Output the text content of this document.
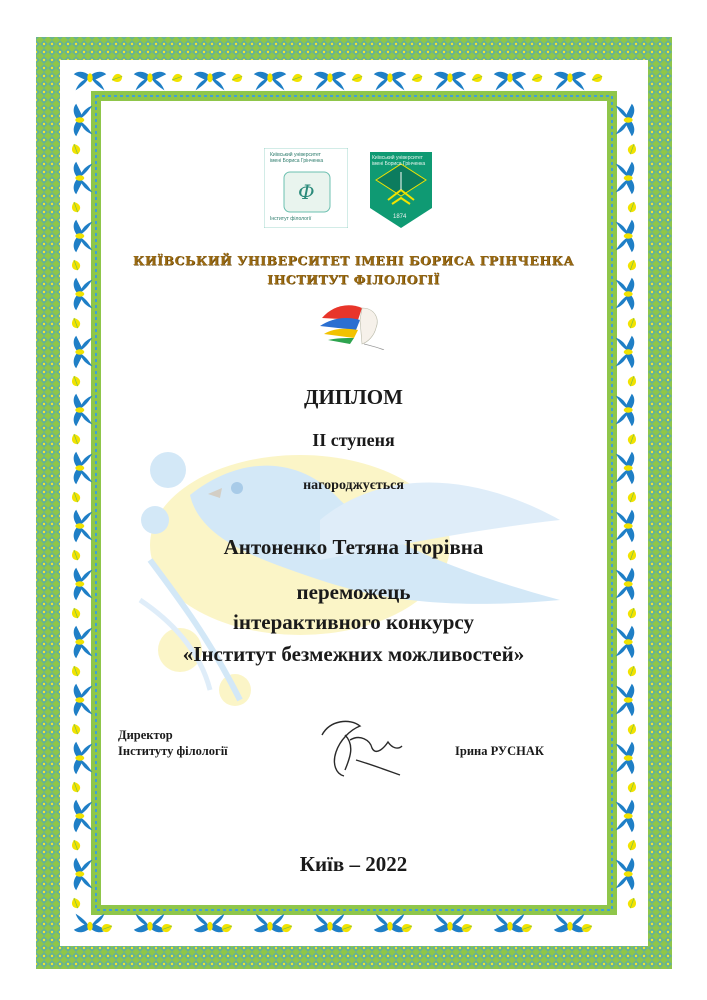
Київський університет
імені Бориса Грінченка
Ф
Інститут філології
Київський університет
імені Бориса Грінченка
1874
КИЇВСЬКИЙ УНІВЕРСИТЕТ ІМЕНІ БОРИСА ГРІНЧЕНКА
ІНСТИТУТ ФІЛОЛОГІЇ
ДИПЛОМ
ІІ ступеня
нагороджується
Антоненко Тетяна Ігорівна
переможець
інтерактивного конкурсу
«Інститут безмежних можливостей»
Директор
Інституту філології	Ірина РУСНАК
Київ – 2022
